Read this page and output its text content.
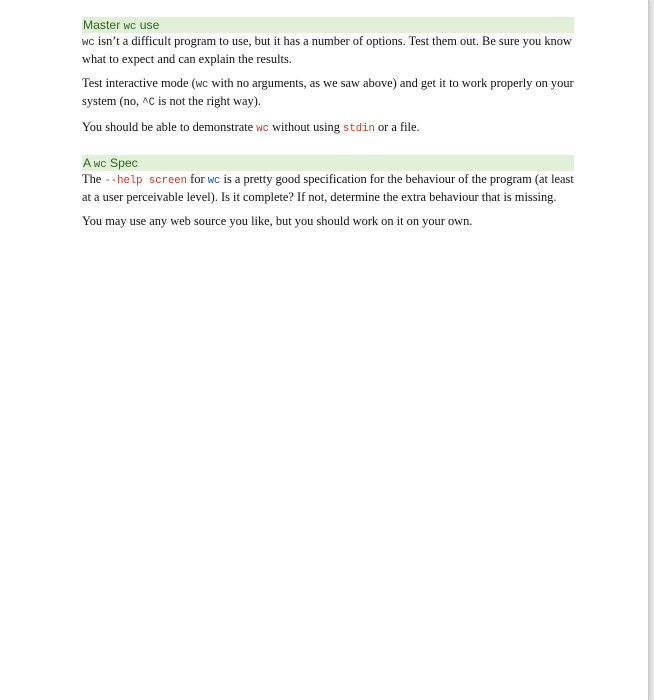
Master wc use

wc isn’t a difficult program to use, but it has a number of options. Test them out. Be sure you know what to expect and can explain the results.

Test interactive mode (wc with no arguments, as we saw above) and get it to work properly on your system (no, ^C is not the right way).

You should be able to demonstrate wc without using stdin or a file.

A wc Spec

The --help screen for wc is a pretty good specification for the behaviour of the program (at least at a user perceivable level). Is it complete? If not, determine the extra behaviour that is missing.

You may use any web source you like, but you should work on it on your own.
